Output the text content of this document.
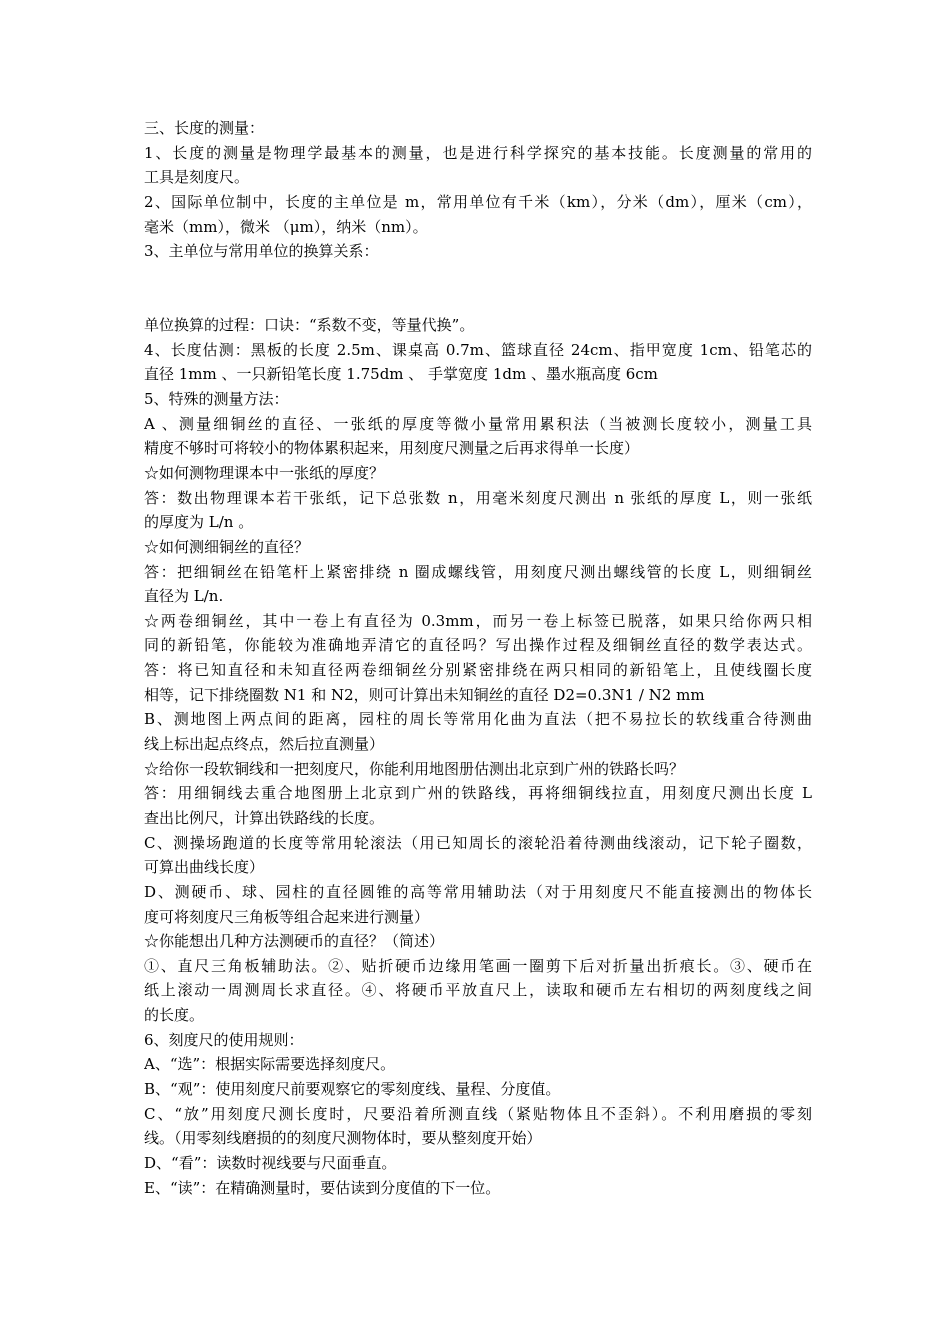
三、长度的测量：
1、长度的测量是物理学最基本的测量，也是进行科学探究的基本技能。长度测量的常用的
工具是刻度尺。
2、国际单位制中，长度的主单位是 m，常用单位有千米（km），分米（dm），厘米（cm），
毫米（mm），微米 （μm），纳米（nm）。
3、主单位与常用单位的换算关系：

单位换算的过程：口诀：“系数不变，等量代换”。
4、长度估测：黑板的长度 2.5m、课桌高 0.7m、篮球直径 24cm、指甲宽度 1cm、铅笔芯的
直径 1mm 、一只新铅笔长度 1.75dm 、 手掌宽度 1dm 、墨水瓶高度 6cm
5、特殊的测量方法：
A 、测量细铜丝的直径、一张纸的厚度等微小量常用累积法（当被测长度较小，测量工具
精度不够时可将较小的物体累积起来，用刻度尺测量之后再求得单一长度）
☆如何测物理课本中一张纸的厚度？
答：数出物理课本若干张纸，记下总张数 n，用毫米刻度尺测出 n 张纸的厚度 L，则一张纸
的厚度为 L/n 。
☆如何测细铜丝的直径？
答：把细铜丝在铅笔杆上紧密排绕 n 圈成螺线管，用刻度尺测出螺线管的长度 L，则细铜丝
直径为 L/n.
☆两卷细铜丝，其中一卷上有直径为 0.3mm，而另一卷上标签已脱落，如果只给你两只相
同的新铅笔，你能较为准确地弄清它的直径吗？写出操作过程及细铜丝直径的数学表达式。
答：将已知直径和未知直径两卷细铜丝分别紧密排绕在两只相同的新铅笔上，且使线圈长度
相等，记下排绕圈数 N1 和 N2，则可计算出未知铜丝的直径 D2=0.3N1 / N2 mm
B、测地图上两点间的距离，园柱的周长等常用化曲为直法（把不易拉长的软线重合待测曲
线上标出起点终点，然后拉直测量）
☆给你一段软铜线和一把刻度尺，你能利用地图册估测出北京到广州的铁路长吗？
答：用细铜线去重合地图册上北京到广州的铁路线，再将细铜线拉直，用刻度尺测出长度 L
查出比例尺，计算出铁路线的长度。
C、测操场跑道的长度等常用轮滚法（用已知周长的滚轮沿着待测曲线滚动，记下轮子圈数，
可算出曲线长度）
D、测硬币、球、园柱的直径圆锥的高等常用辅助法（对于用刻度尺不能直接测出的物体长
度可将刻度尺三角板等组合起来进行测量）
☆你能想出几种方法测硬币的直径？（简述）
①、直尺三角板辅助法。②、贴折硬币边缘用笔画一圈剪下后对折量出折痕长。③、硬币在
纸上滚动一周测周长求直径。④、将硬币平放直尺上，读取和硬币左右相切的两刻度线之间
的长度。
6、刻度尺的使用规则：
A、“选”：根据实际需要选择刻度尺。
B、“观”：使用刻度尺前要观察它的零刻度线、量程、分度值。
C、“放”用刻度尺测长度时，尺要沿着所测直线（紧贴物体且不歪斜）。不利用磨损的零刻
线。（用零刻线磨损的的刻度尺测物体时，要从整刻度开始）
D、“看”：读数时视线要与尺面垂直。
E、“读”：在精确测量时，要估读到分度值的下一位。
